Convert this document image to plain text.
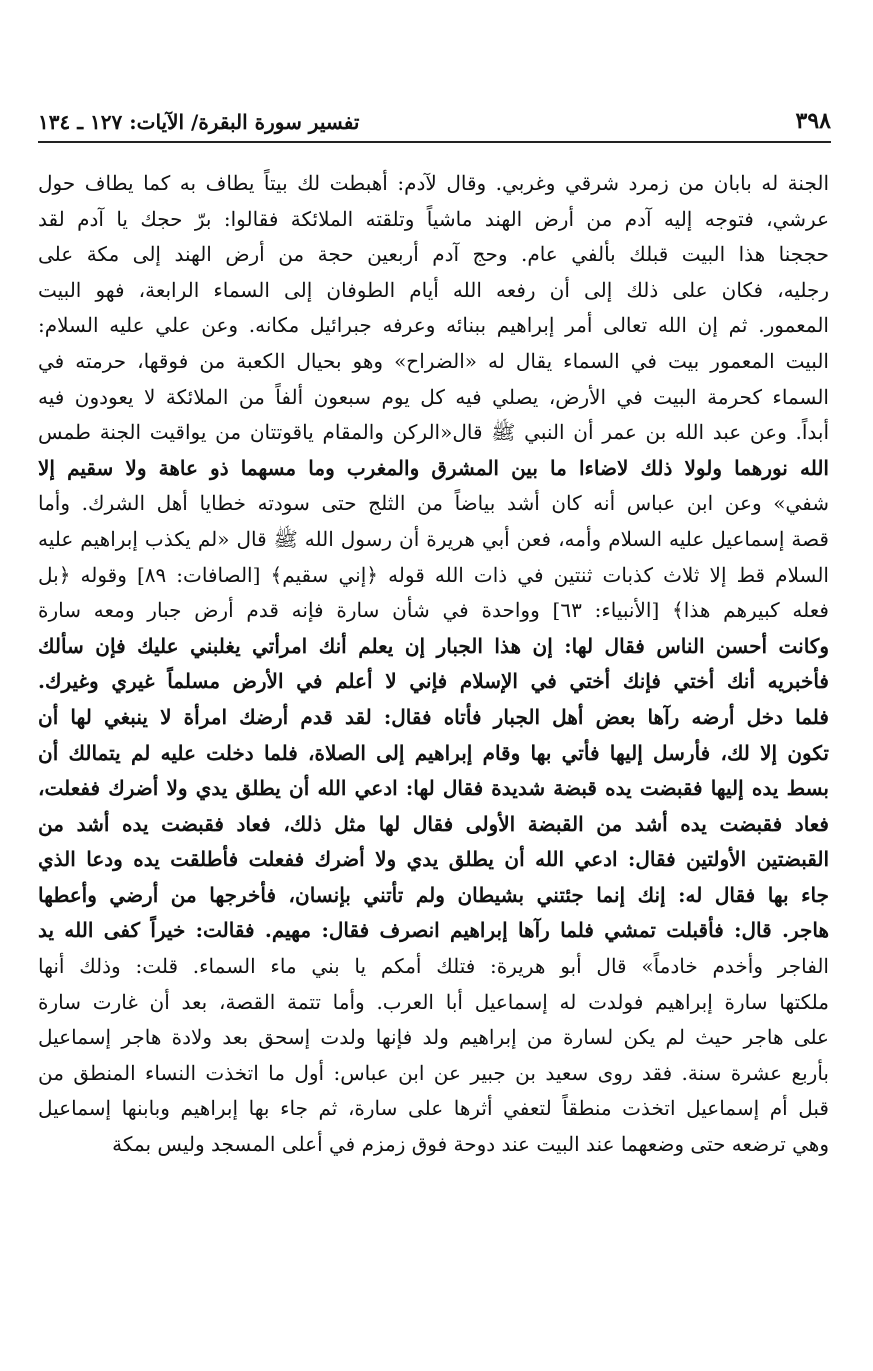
٣٩٨
تفسير سورة البقرة/ الآيات: ١٢٧ ـ ١٣٤
الجنة له بابان من زمرد شرقي وغربي. وقال لآدم: أهبطت لك بيتاً يطاف به كما يطاف حول
عرشي، فتوجه إليه آدم من أرض الهند ماشياً وتلقته الملائكة فقالوا: برّ حجك يا آدم لقد
حججنا هذا البيت قبلك بألفي عام. وحج آدم أربعين حجة من أرض الهند إلى مكة على
رجليه، فكان على ذلك إلى أن رفعه الله أيام الطوفان إلى السماء الرابعة، فهو البيت
المعمور. ثم إن الله تعالى أمر إبراهيم ببنائه وعرفه جبرائيل مكانه. وعن علي عليه السلام:
البيت المعمور بيت في السماء يقال له «الضراح» وهو بحيال الكعبة من فوقها، حرمته في
السماء كحرمة البيت في الأرض، يصلي فيه كل يوم سبعون ألفاً من الملائكة لا يعودون فيه
أبداً. وعن عبد الله بن عمر أن النبي ﷺ قال«الركن والمقام ياقوتتان من يواقيت الجنة طمس
الله نورهما ولولا ذلك لاضاءا ما بين المشرق والمغرب وما مسهما ذو عاهة ولا سقيم إلا
شفي» وعن ابن عباس أنه كان أشد بياضاً من الثلج حتى سودته خطايا أهل الشرك. وأما
قصة إسماعيل عليه السلام وأمه، فعن أبي هريرة أن رسول الله ﷺ قال «لم يكذب إبراهيم عليه
السلام قط إلا ثلاث كذبات ثنتين في ذات الله قوله ﴿إني سقيم﴾ [الصافات: ٨٩] وقوله ﴿بل
فعله كبيرهم هذا﴾ [الأنبياء: ٦٣] وواحدة في شأن سارة فإنه قدم أرض جبار ومعه سارة
وكانت أحسن الناس فقال لها: إن هذا الجبار إن يعلم أنك امرأتي يغلبني عليك فإن سألك
فأخبريه أنك أختي فإنك أختي في الإسلام فإني لا أعلم في الأرض مسلماً غيري وغيرك.
فلما دخل أرضه رآها بعض أهل الجبار فأتاه فقال: لقد قدم أرضك امرأة لا ينبغي لها أن
تكون إلا لك، فأرسل إليها فأتي بها وقام إبراهيم إلى الصلاة، فلما دخلت عليه لم يتمالك أن
بسط يده إليها فقبضت يده قبضة شديدة فقال لها: ادعي الله أن يطلق يدي ولا أضرك ففعلت،
فعاد فقبضت يده أشد من القبضة الأولى فقال لها مثل ذلك، فعاد فقبضت يده أشد من
القبضتين الأولتين فقال: ادعي الله أن يطلق يدي ولا أضرك ففعلت فأطلقت يده ودعا الذي
جاء بها فقال له: إنك إنما جئتني بشيطان ولم تأتني بإنسان، فأخرجها من أرضي وأعطها
هاجر. قال: فأقبلت تمشي فلما رآها إبراهيم انصرف فقال: مهيم. فقالت: خيراً كفى الله يد
الفاجر وأخدم خادماً» قال أبو هريرة: فتلك أمكم يا بني ماء السماء. قلت: وذلك أنها
ملكتها سارة إبراهيم فولدت له إسماعيل أبا العرب. وأما تتمة القصة، بعد أن غارت سارة
على هاجر حيث لم يكن لسارة من إبراهيم ولد فإنها ولدت إسحق بعد ولادة هاجر إسماعيل
بأربع عشرة سنة. فقد روى سعيد بن جبير عن ابن عباس: أول ما اتخذت النساء المنطق من
قبل أم إسماعيل اتخذت منطقاً لتعفي أثرها على سارة، ثم جاء بها إبراهيم وبابنها إسماعيل
وهي ترضعه حتى وضعهما عند البيت عند دوحة فوق زمزم في أعلى المسجد وليس بمكة
